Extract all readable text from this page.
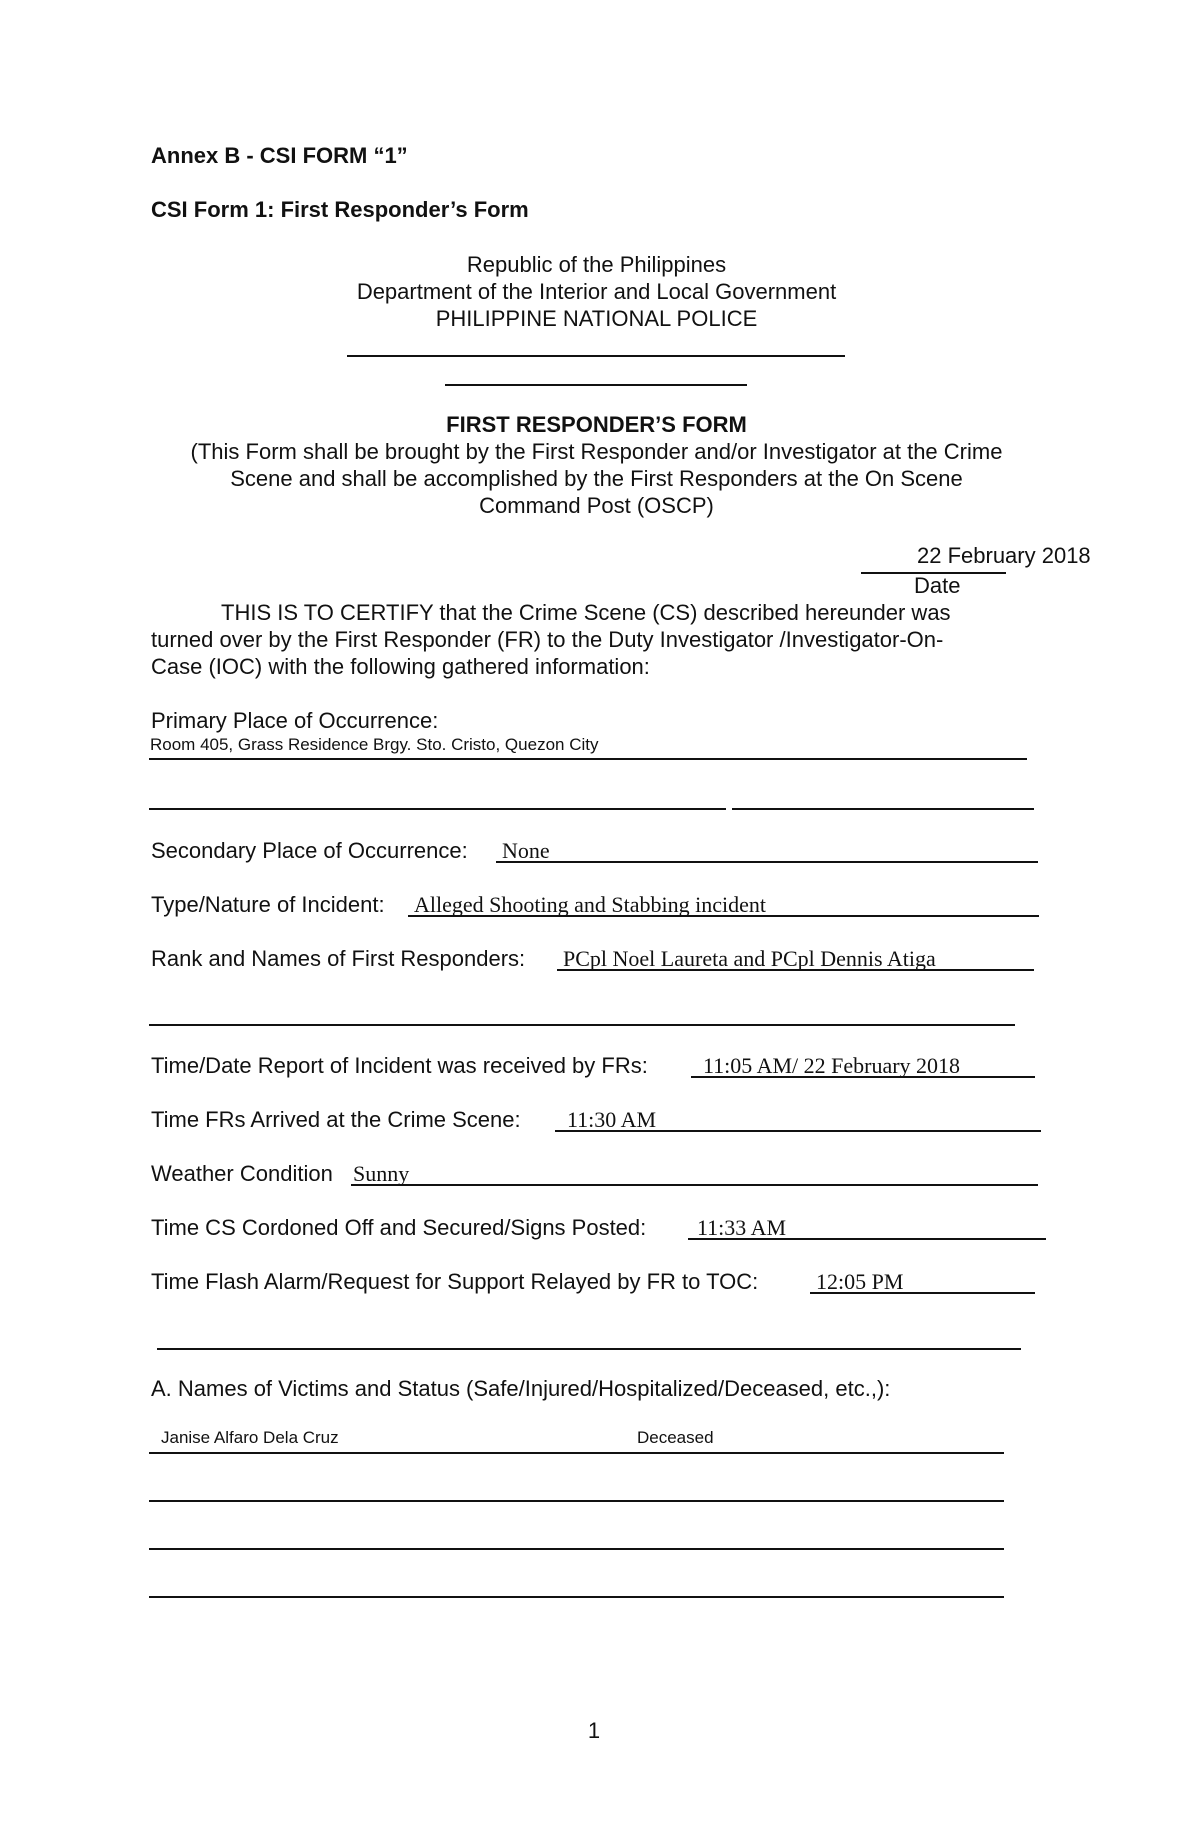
Annex B - CSI FORM “1”
CSI Form 1: First Responder’s Form
Republic of the Philippines
Department of the Interior and Local Government
PHILIPPINE NATIONAL POLICE
FIRST RESPONDER’S FORM
(This Form shall be brought by the First Responder and/or Investigator at the Crime
Scene and shall be accomplished by the First Responders at the On Scene
Command Post (OSCP)
22 February 2018
Date
THIS IS TO CERTIFY that the Crime Scene (CS) described hereunder was
turned over by the First Responder (FR) to the Duty Investigator /Investigator-On-
Case (IOC) with the following gathered information:
Primary Place of Occurrence:
Room 405, Grass Residence Brgy. Sto. Cristo, Quezon City
Secondary Place of Occurrence: None
Type/Nature of Incident: Alleged Shooting and Stabbing incident
Rank and Names of First Responders: PCpl Noel Laureta and PCpl Dennis Atiga
Time/Date Report of Incident was received by FRs:	11:05 AM/ 22 February 2018
Time FRs Arrived at the Crime Scene: 11:30 AM
Weather Condition Sunny
Time CS Cordoned Off and Secured/Signs Posted: 11:33 AM
Time Flash Alarm/Request for Support Relayed by FR to TOC:	12:05 PM
A. Names of Victims and Status (Safe/Injured/Hospitalized/Deceased, etc.,):
Janise Alfaro Dela Cruz	Deceased
1
